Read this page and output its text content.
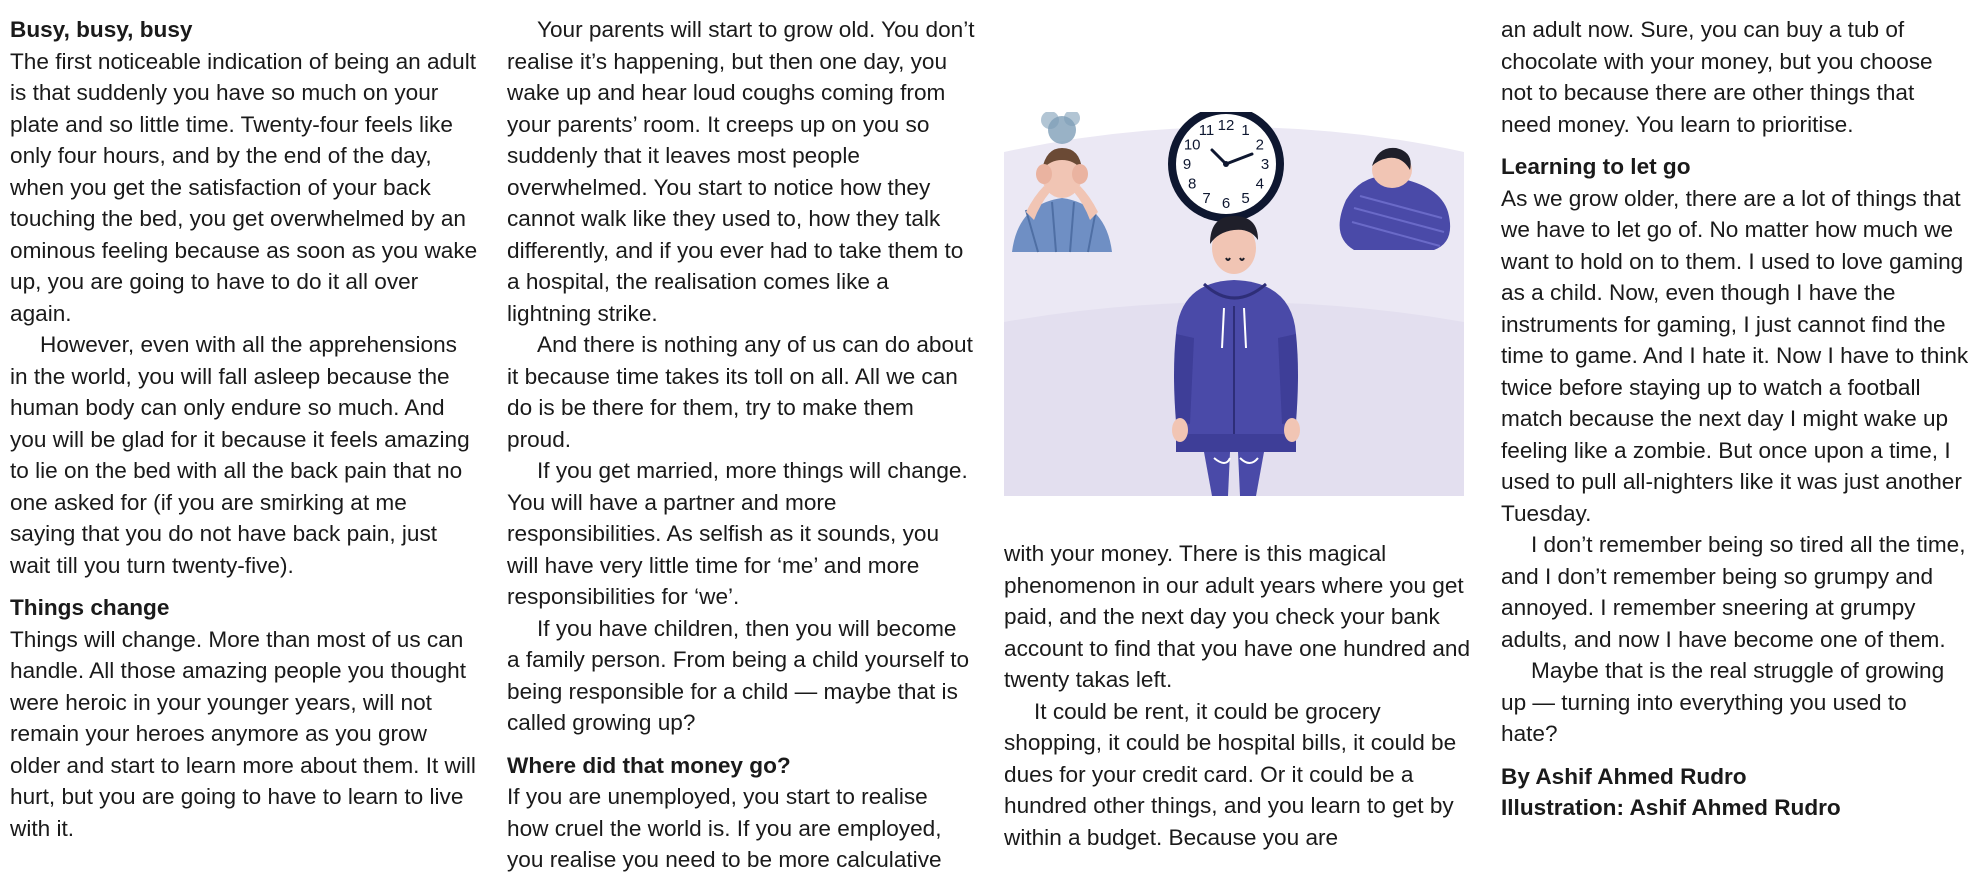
Busy, busy, busy

The first noticeable indication of being an adult is that suddenly you have so much on your plate and so little time. Twenty-four feels like only four hours, and by the end of the day, when you get the satisfaction of your back touching the bed, you get overwhelmed by an ominous feeling because as soon as you wake up, you are going to have to do it all over again.

However, even with all the apprehensions in the world, you will fall asleep because the human body can only endure so much. And you will be glad for it because it feels amazing to lie on the bed with all the back pain that no one asked for (if you are smirking at me saying that you do not have back pain, just wait till you turn twenty-five).

Things change

Things will change. More than most of us can handle. All those amazing people you thought were heroic in your younger years, will not remain your heroes anymore as you grow older and start to learn more about them. It will hurt, but you are going to have to learn to live with it.

Your parents will start to grow old. You don’t realise it’s happening, but then one day, you wake up and hear loud coughs coming from your parents’ room. It creeps up on you so suddenly that it leaves most people overwhelmed. You start to notice how they cannot walk like they used to, how they talk differently, and if you ever had to take them to a hospital, the realisation comes like a lightning strike.

And there is nothing any of us can do about it because time takes its toll on all. All we can do is be there for them, try to make them proud.

If you get married, more things will change. You will have a partner and more responsibilities. As selfish as it sounds, you will have very little time for ‘me’ and more responsibilities for ‘we’.

If you have children, then you will become a family person. From being a child yourself to being responsible for a child — maybe that is called growing up?

Where did that money go?

If you are unemployed, you start to realise how cruel the world is. If you are employed, you realise you need to be more calculative

12 1
2
3
4
5
6
7
8
9
10
11

with your money. There is this magical phenomenon in our adult years where you get paid, and the next day you check your bank account to find that you have one hundred and twenty takas left.

It could be rent, it could be grocery shopping, it could be hospital bills, it could be dues for your credit card. Or it could be a hundred other things, and you learn to get by within a budget. Because you are

an adult now. Sure, you can buy a tub of chocolate with your money, but you choose not to because there are other things that need money. You learn to prioritise.

Learning to let go

As we grow older, there are a lot of things that we have to let go of. No matter how much we want to hold on to them. I used to love gaming as a child. Now, even though I have the instruments for gaming, I just cannot find the time to game. And I hate it. Now I have to think twice before staying up to watch a football match because the next day I might wake up feeling like a zombie. But once upon a time, I used to pull all-nighters like it was just another Tuesday.

I don’t remember being so tired all the time, and I don’t remember being so grumpy and annoyed. I remember sneering at grumpy adults, and now I have become one of them.

Maybe that is the real struggle of growing up — turning into everything you used to hate?

By Ashif Ahmed Rudro

Illustration: Ashif Ahmed Rudro
